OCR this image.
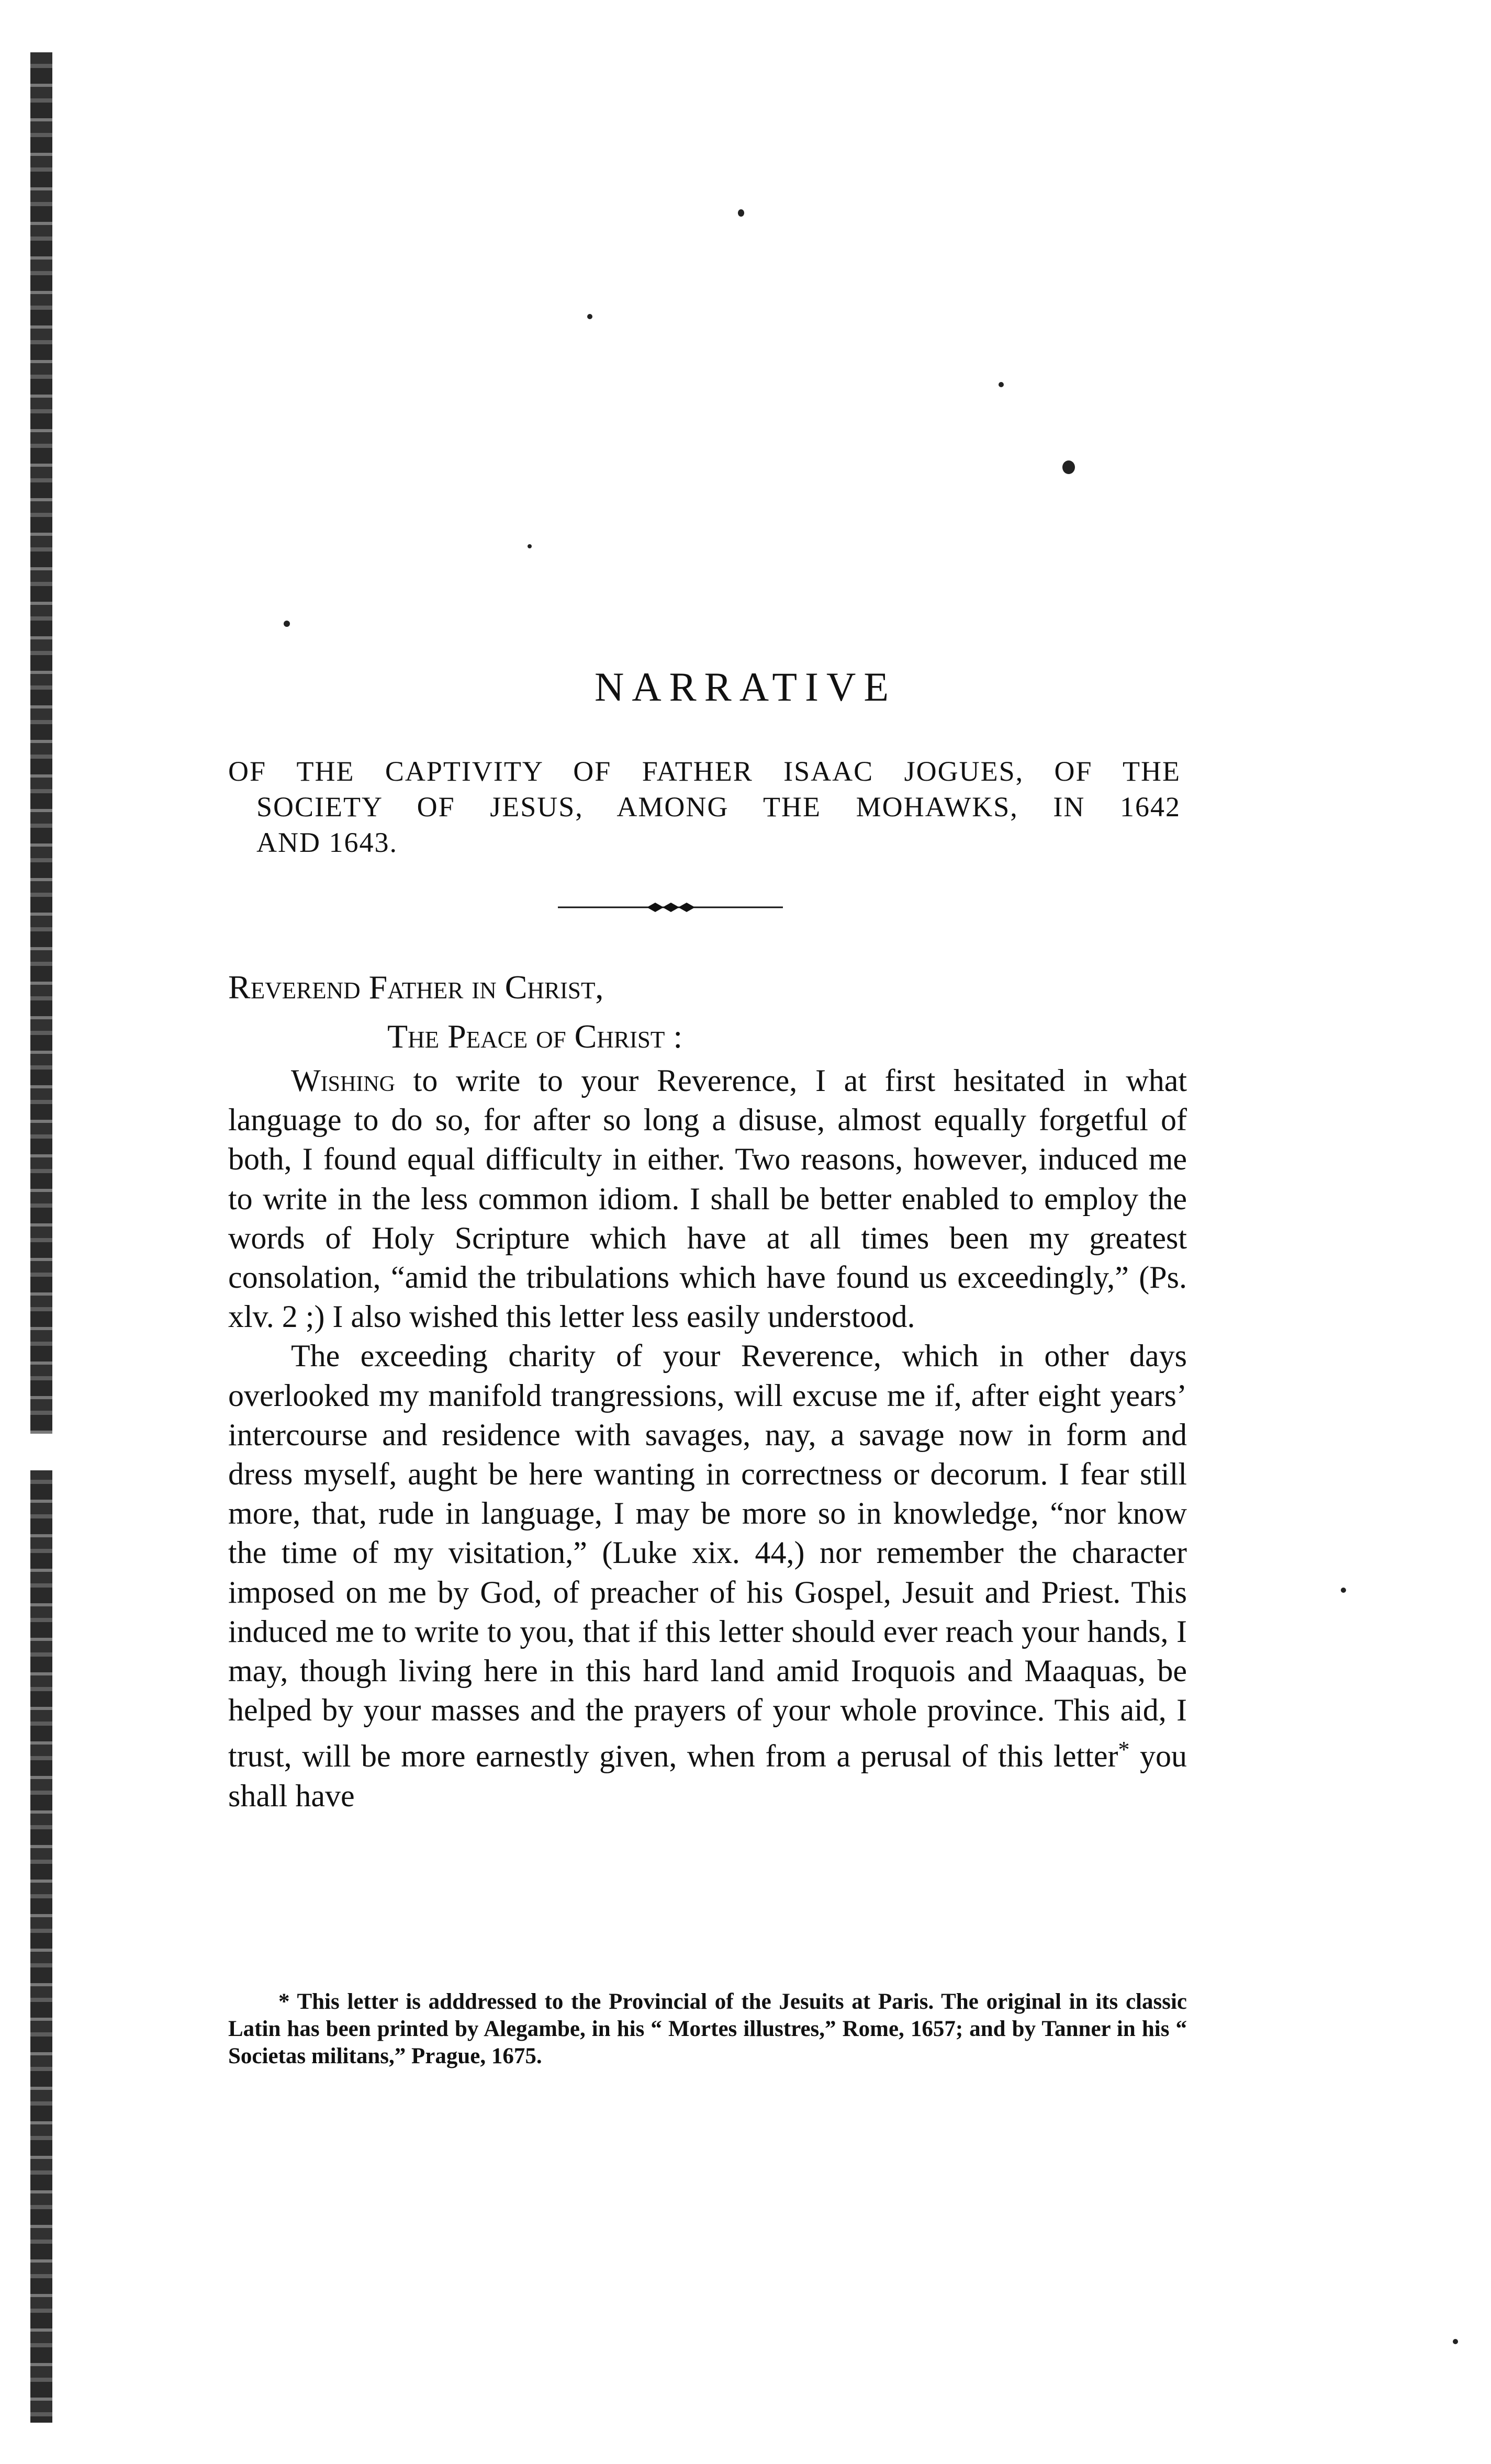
NARRATIVE
OF THE CAPTIVITY OF FATHER ISAAC JOGUES, OF THE
SOCIETY OF JESUS, AMONG THE MOHAWKS, IN 1642
AND 1643.

Reverend Father in Christ,

The Peace of Christ :

Wishing to write to your Reverence, I at first hesitated in what language to do so, for after so long a disuse, almost equally forgetful of both, I found equal difficulty in either. Two reasons, however, induced me to write in the less common idiom. I shall be better enabled to employ the words of Holy Scripture which have at all times been my greatest consolation, “amid the tribulations which have found us exceedingly,” (Ps. xlv. 2 ;) I also wished this letter less easily understood.

The exceeding charity of your Reverence, which in other days overlooked my manifold trangressions, will excuse me if, after eight years’ intercourse and residence with savages, nay, a savage now in form and dress myself, aught be here wanting in correctness or decorum. I fear still more, that, rude in language, I may be more so in knowledge, “nor know the time of my visitation,” (Luke xix. 44,) nor remember the character imposed on me by God, of preacher of his Gospel, Jesuit and Priest. This induced me to write to you, that if this letter should ever reach your hands, I may, though living here in this hard land amid Iroquois and Maaquas, be helped by your masses and the prayers of your whole province. This aid, I trust, will be more earnestly given, when from a perusal of this letter* you shall have

* This letter is adddressed to the Provincial of the Jesuits at Paris. The original in its classic Latin has been printed by Alegambe, in his “ Mortes illustres,” Rome, 1657; and by Tanner in his “ Societas militans,” Prague, 1675.
